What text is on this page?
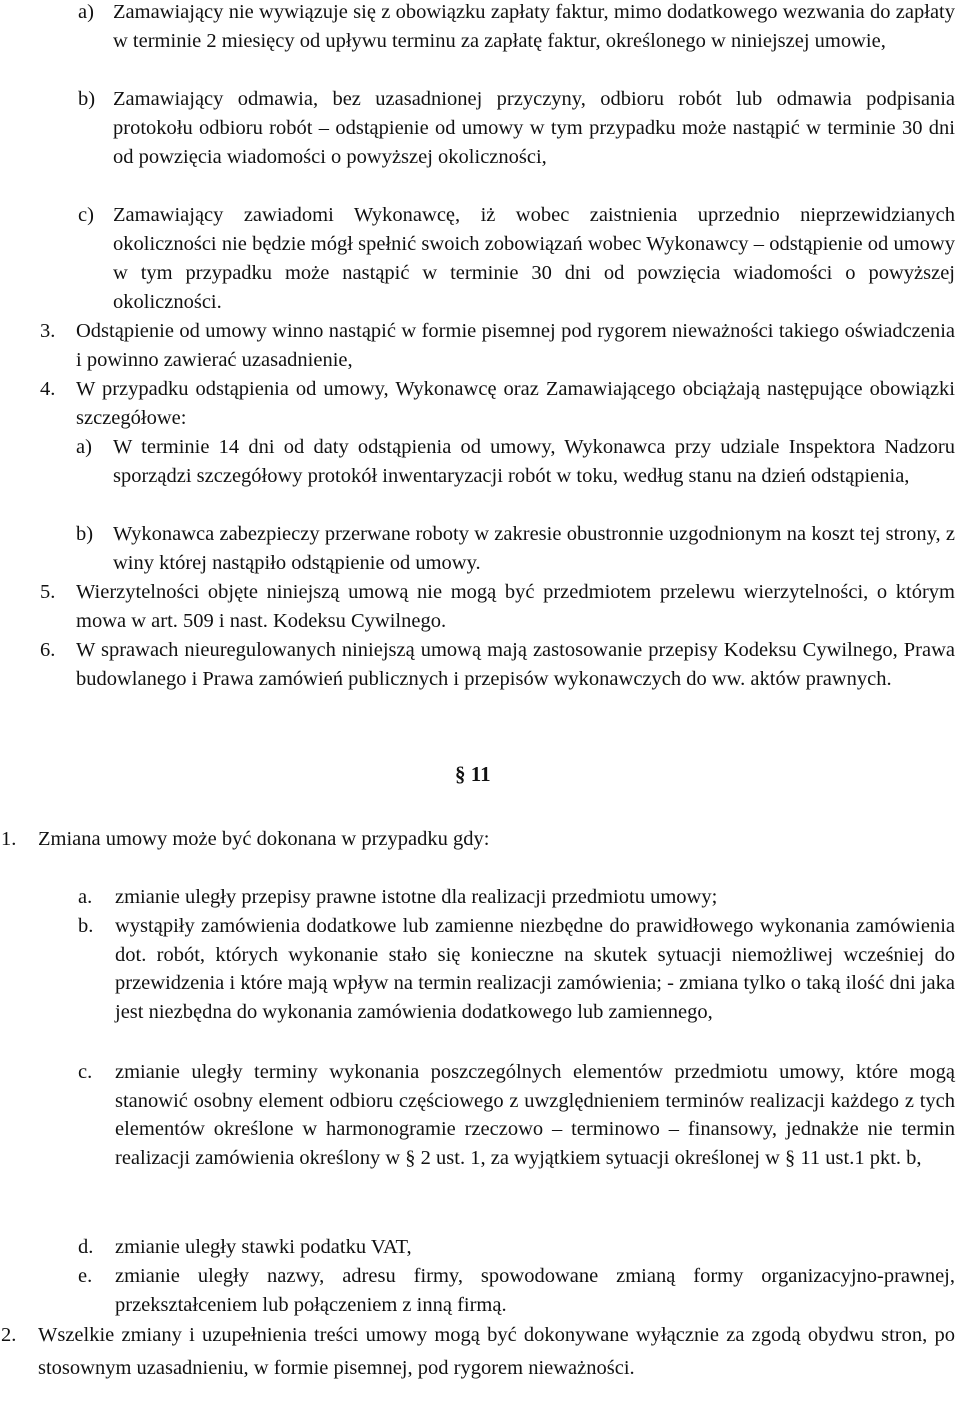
a) Zamawiający nie wywiązuje się z obowiązku zapłaty faktur, mimo dodatkowego wezwania do zapłaty w terminie 2 miesięcy od upływu terminu za zapłatę faktur, określonego w niniejszej umowie,
b) Zamawiający odmawia, bez uzasadnionej przyczyny, odbioru robót lub odmawia podpisania protokołu odbioru robót – odstąpienie od umowy w tym przypadku może nastąpić w terminie 30 dni od powzięcia wiadomości o powyższej okoliczności,
c) Zamawiający zawiadomi Wykonawcę, iż wobec zaistnienia uprzednio nieprzewidzianych okoliczności nie będzie mógł spełnić swoich zobowiązań wobec Wykonawcy – odstąpienie od umowy w tym przypadku może nastąpić w terminie 30 dni od powzięcia wiadomości o powyższej okoliczności.
3. Odstąpienie od umowy winno nastąpić w formie pisemnej pod rygorem nieważności takiego oświadczenia i powinno zawierać uzasadnienie,
4. W przypadku odstąpienia od umowy, Wykonawcę oraz Zamawiającego obciążają następujące obowiązki szczegółowe:
a) W terminie 14 dni od daty odstąpienia od umowy, Wykonawca przy udziale Inspektora Nadzoru sporządzi szczegółowy protokół inwentaryzacji robót w toku, według stanu na dzień odstąpienia,
b) Wykonawca zabezpieczy przerwane roboty w zakresie obustronnie uzgodnionym na koszt tej strony, z winy której nastąpiło odstąpienie od umowy.
5. Wierzytelności objęte niniejszą umową nie mogą być przedmiotem przelewu wierzytelności, o którym mowa w art. 509 i nast. Kodeksu Cywilnego.
6. W sprawach nieuregulowanych niniejszą umową mają zastosowanie przepisy Kodeksu Cywilnego, Prawa budowlanego i Prawa zamówień publicznych i przepisów wykonawczych do ww. aktów prawnych.
§ 11
1. Zmiana umowy może być dokonana w przypadku gdy:
a. zmianie uległy przepisy prawne istotne dla realizacji przedmiotu umowy;
b. wystąpiły zamówienia dodatkowe lub zamienne niezbędne do prawidłowego wykonania zamówienia dot. robót, których wykonanie stało się konieczne na skutek sytuacji niemożliwej wcześniej do przewidzenia i które mają wpływ na termin realizacji zamówienia; - zmiana tylko o taką ilość dni jaka jest niezbędna do wykonania zamówienia dodatkowego lub zamiennego,
c. zmianie uległy terminy wykonania poszczególnych elementów przedmiotu umowy, które mogą stanowić osobny element odbioru częściowego z uwzględnieniem terminów realizacji każdego z tych elementów określone w harmonogramie rzeczowo – terminowo – finansowy, jednakże nie termin realizacji zamówienia określony w § 2 ust. 1, za wyjątkiem sytuacji określonej w § 11 ust.1 pkt. b,
d. zmianie uległy stawki podatku VAT,
e. zmianie uległy nazwy, adresu firmy, spowodowane zmianą formy organizacyjno-prawnej, przekształceniem lub połączeniem z inną firmą.
2. Wszelkie zmiany i uzupełnienia treści umowy mogą być dokonywane wyłącznie za zgodą obydwu stron, po stosownym uzasadnieniu, w formie pisemnej, pod rygorem nieważności.
